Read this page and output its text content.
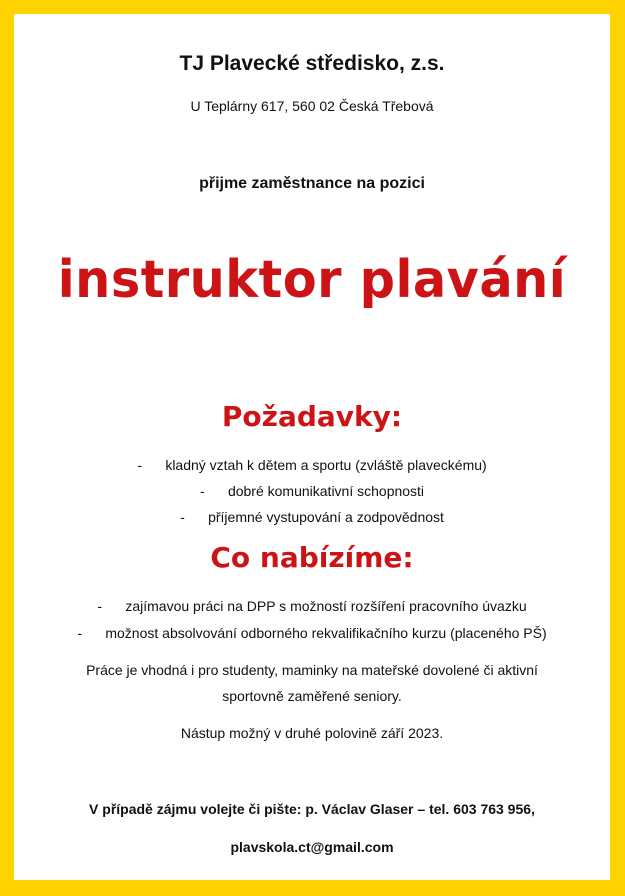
TJ Plavecké středisko, z.s.
U Teplárny 617, 560 02 Česká Třebová
přijme zaměstnance na pozici
instruktor plavání
Požadavky:
- kladný vztah k dětem a sportu (zvláště plaveckému)
- dobré komunikativní schopnosti
- příjemné vystupování a zodpovědnost
Co nabízíme:
- zajímavou práci na DPP s možností rozšíření pracovního úvazku
- možnost absolvování odborného rekvalifikačního kurzu (placeného PŠ)
Práce je vhodná i pro studenty, maminky na mateřské dovolené či aktivní
sportovně zaměřené seniory.
Nástup možný v druhé polovině září 2023.
V případě zájmu volejte či pište: p. Václav Glaser – tel. 603 763 956,
plavskola.ct@gmail.com
